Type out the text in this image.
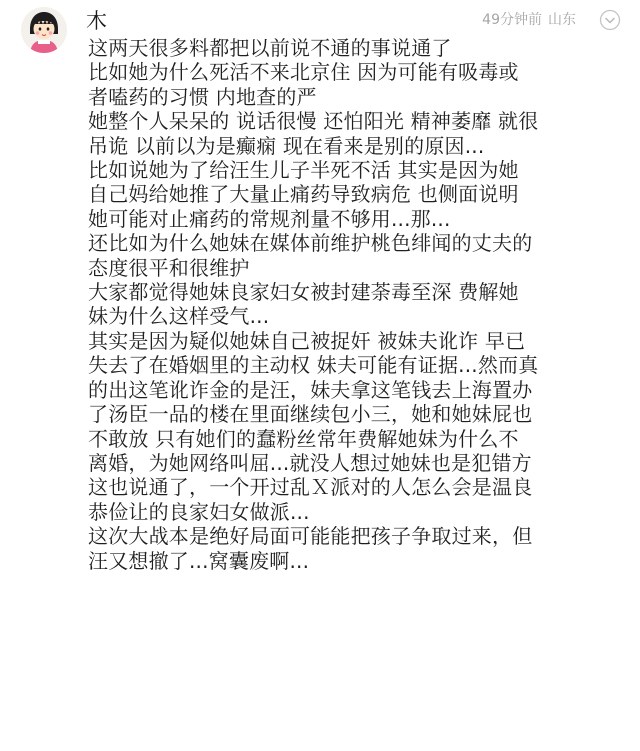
木	49分钟前 山东
这两天很多料都把以前说不通的事说通了
比如她为什么死活不来北京住 因为可能有吸毒或
者嗑药的习惯 内地查的严
她整个人呆呆的 说话很慢 还怕阳光 精神萎靡 就很
吊诡 以前以为是癫痫 现在看来是别的原因...
比如说她为了给汪生儿子半死不活 其实是因为她
自己妈给她推了大量止痛药导致病危 也侧面说明
她可能对止痛药的常规剂量不够用...那...
还比如为什么她妹在媒体前维护桃色绯闻的丈夫的
态度很平和很维护
大家都觉得她妹良家妇女被封建荼毒至深 费解她
妹为什么这样受气...
其实是因为疑似她妹自己被捉奸 被妹夫讹诈 早已
失去了在婚姻里的主动权 妹夫可能有证据...然而真
的出这笔讹诈金的是汪，妹夫拿这笔钱去上海置办
了汤臣一品的楼在里面继续包小三，她和她妹屁也
不敢放 只有她们的蠢粉丝常年费解她妹为什么不
离婚，为她网络叫屈...就没人想过她妹也是犯错方
这也说通了，一个开过乱Ｘ派对的人怎么会是温良
恭俭让的良家妇女做派...
这次大战本是绝好局面可能能把孩子争取过来，但
汪又想撤了...窝囊废啊...
